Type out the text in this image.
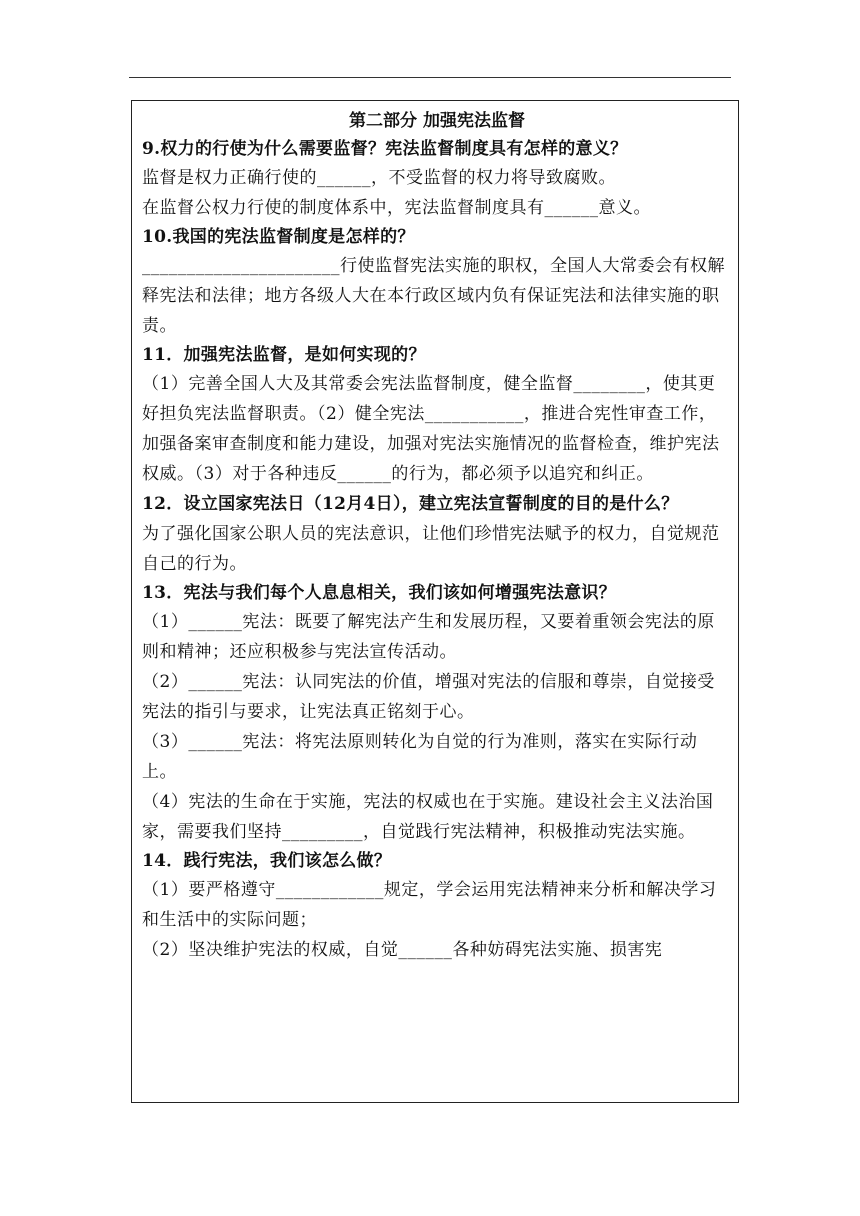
第二部分 加强宪法监督
9.权力的行使为什么需要监督？宪法监督制度具有怎样的意义？
监督是权力正确行使的______，不受监督的权力将导致腐败。
在监督公权力行使的制度体系中，宪法监督制度具有______意义。
10.我国的宪法监督制度是怎样的？
______________________行使监督宪法实施的职权，全国人大常委会有权解释宪法和法律；地方各级人大在本行政区域内负有保证宪法和法律实施的职责。
11．加强宪法监督，是如何实现的？
（1）完善全国人大及其常委会宪法监督制度，健全监督________，使其更好担负宪法监督职责。（2）健全宪法___________，推进合宪性审查工作，加强备案审查制度和能力建设，加强对宪法实施情况的监督检查，维护宪法权威。（3）对于各种违反______的行为，都必须予以追究和纠正。
12．设立国家宪法日（12月4日），建立宪法宣誓制度的目的是什么？
为了强化国家公职人员的宪法意识，让他们珍惜宪法赋予的权力，自觉规范自己的行为。
13．宪法与我们每个人息息相关，我们该如何增强宪法意识？
（1）______宪法：既要了解宪法产生和发展历程，又要着重领会宪法的原则和精神；还应积极参与宪法宣传活动。
（2）______宪法：认同宪法的价值，增强对宪法的信服和尊崇，自觉接受宪法的指引与要求，让宪法真正铭刻于心。
（3）______宪法：将宪法原则转化为自觉的行为准则，落实在实际行动上。
（4）宪法的生命在于实施，宪法的权威也在于实施。建设社会主义法治国家，需要我们坚持_________，自觉践行宪法精神，积极推动宪法实施。
14．践行宪法，我们该怎么做？
（1）要严格遵守____________规定，学会运用宪法精神来分析和解决学习和生活中的实际问题；
（2）坚决维护宪法的权威，自觉______各种妨碍宪法实施、损害宪
